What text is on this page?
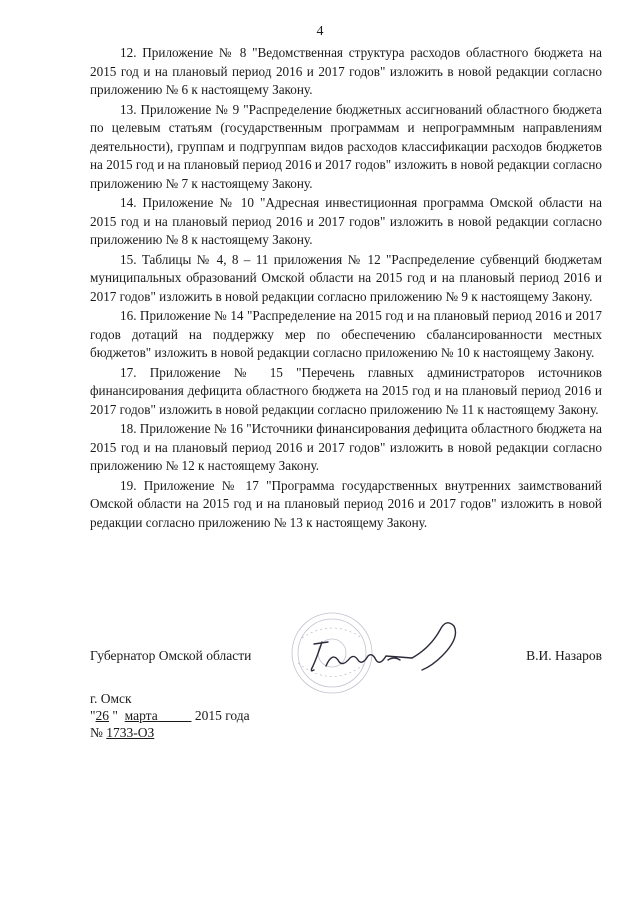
4

12. Приложение № 8 "Ведомственная структура расходов областного бюджета на 2015 год и на плановый период 2016 и 2017 годов" изложить в новой редакции согласно приложению № 6 к настоящему Закону.

13. Приложение № 9 "Распределение бюджетных ассигнований областного бюджета по целевым статьям (государственным программам и непрограммным направлениям деятельности), группам и подгруппам видов расходов классификации расходов бюджетов на 2015 год и на плановый период 2016 и 2017 годов" изложить в новой редакции согласно приложению № 7 к настоящему Закону.

14. Приложение № 10 "Адресная инвестиционная программа Омской области на 2015 год и на плановый период 2016 и 2017 годов" изложить в новой редакции согласно приложению № 8 к настоящему Закону.

15. Таблицы № 4, 8 – 11 приложения № 12 "Распределение субвенций бюджетам муниципальных образований Омской области на 2015 год и на плановый период 2016 и 2017 годов" изложить в новой редакции согласно приложению № 9 к настоящему Закону.

16. Приложение № 14 "Распределение на 2015 год и на плановый период 2016 и 2017 годов дотаций на поддержку мер по обеспечению сбалансированности местных бюджетов" изложить в новой редакции согласно приложению № 10 к настоящему Закону.

17. Приложение № 15 "Перечень главных администраторов источников финансирования дефицита областного бюджета на 2015 год и на плановый период 2016 и 2017 годов" изложить в новой редакции согласно приложению № 11 к настоящему Закону.

18. Приложение № 16 "Источники финансирования дефицита областного бюджета на 2015 год и на плановый период 2016 и 2017 годов" изложить в новой редакции согласно приложению № 12 к настоящему Закону.

19. Приложение № 17 "Программа государственных внутренних заимствований Омской области на 2015 год и на плановый период 2016 и 2017 годов" изложить в новой редакции согласно приложению № 13 к настоящему Закону.

Губернатор Омской области	В.И. Назаров
г. Омск
"26 "  марта	2015 года
№ 1733-ОЗ
